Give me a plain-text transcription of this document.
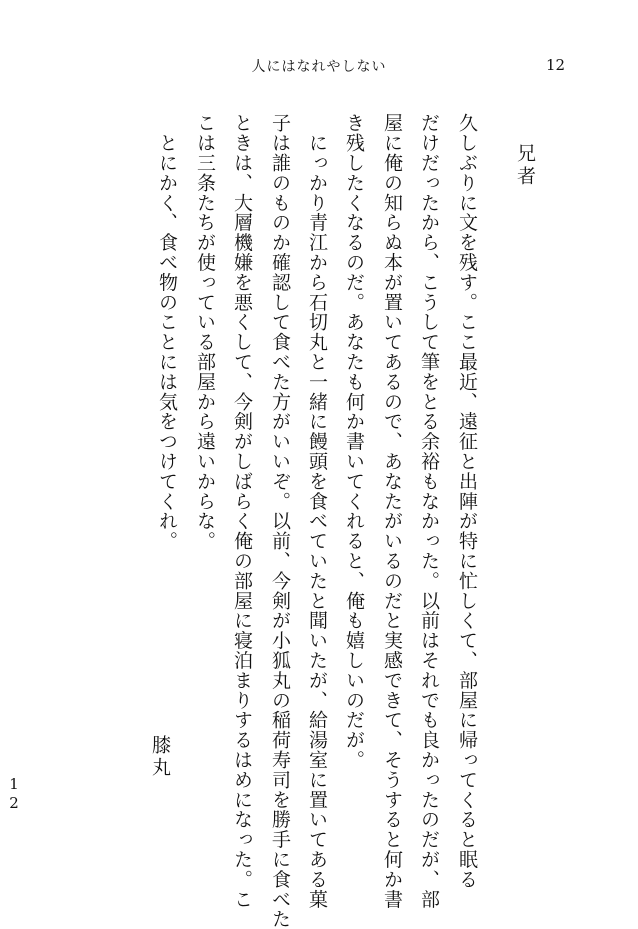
人にはなれやしない	12
兄者
久しぶりに文を残す。ここ最近、遠征と出陣が特に忙しくて、部屋に帰ってくると眠る
だけだったから、こうして筆をとる余裕もなかった。以前はそれでも良かったのだが、部
屋に俺の知らぬ本が置いてあるので、あなたがいるのだと実感できて、そうすると何か書
き残したくなるのだ。あなたも何か書いてくれると、俺も嬉しいのだが。
　にっかり青江から石切丸と一緒に饅頭を食べていたと聞いたが、給湯室に置いてある菓
子は誰のものか確認して食べた方がいいぞ。以前、今剣が小狐丸の稲荷寿司を勝手に食べた
ときは、大層機嫌を悪くして、今剣がしばらく俺の部屋に寝泊まりするはめになった。こ
こは三条たちが使っている部屋から遠いからな。
　とにかく、食べ物のことには気をつけてくれ。
膝丸
12
